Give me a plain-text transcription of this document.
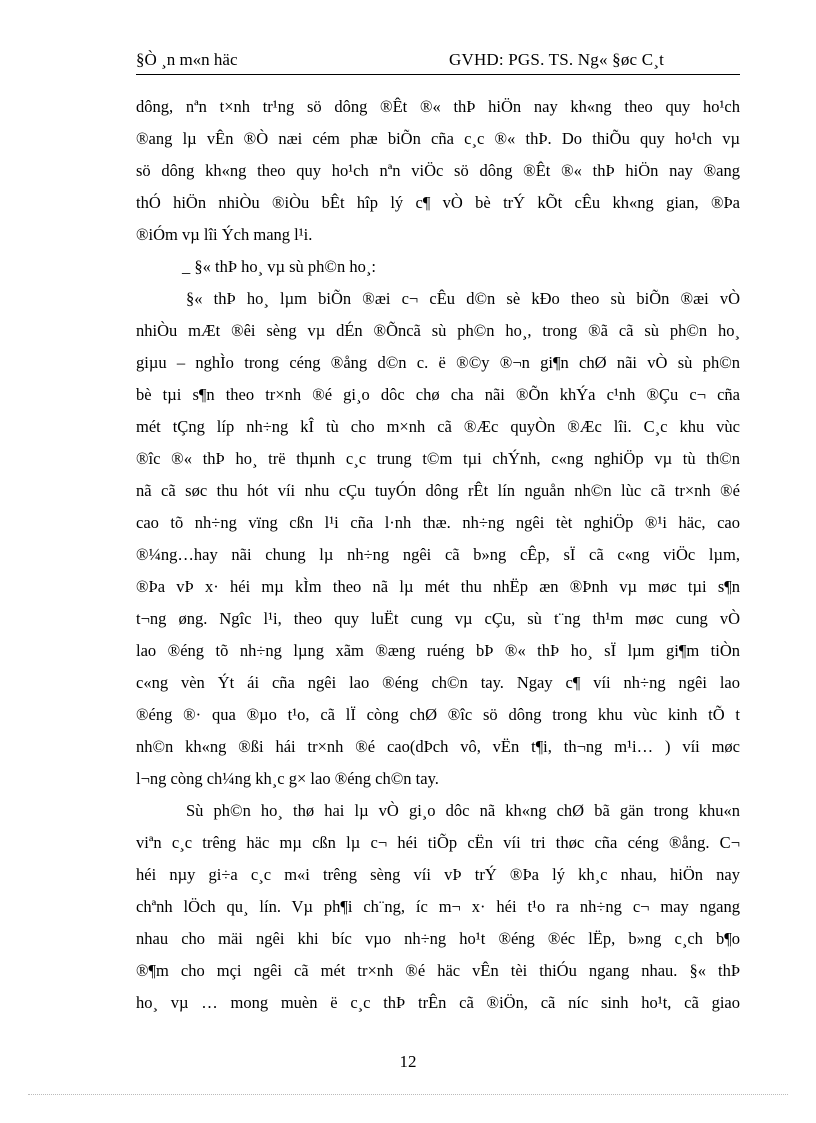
§Ò ¸n m«n häc	GVHD: PGS. TS. Ng« §øc C¸t
dông, nªn t×nh tr¹ng sö dông ®Êt ®« thÞ hiÖn nay kh«ng theo quy ho¹ch
®ang lµ vÊn ®Ò næi cém phæ biÕn cña c¸c ®« thÞ. Do thiÕu quy ho¹ch vµ
sö dông kh«ng theo quy ho¹ch nªn viÖc sö dông ®Êt ®« thÞ hiÖn nay ®ang
thÓ hiÖn nhiÒu ®iÒu bÊt hîp lý c¶ vÒ bè trÝ kÕt cÊu kh«ng gian, ®Þa
®iÓm vµ lîi Ých mang l¹i.
_ §« thÞ ho¸ vµ sù ph©n ho¸:
§« thÞ ho¸ lµm biÕn ®æi c¬ cÊu d©n sè kÐo theo sù biÕn ®æi vÒ
nhiÒu mÆt ®êi sèng vµ dÉn ®Õncã sù ph©n ho¸, trong ®ã cã sù ph©n ho¸
giµu – nghÌo trong céng ®ång d©n c. ë ®©y ®¬n gi¶n chØ nãi vÒ sù ph©n
bè tµi s¶n theo tr×nh ®é gi¸o dôc chø cha nãi ®Õn khÝa c¹nh ®Çu c¬ cña
mét tÇng líp nh÷ng kÎ tù cho m×nh cã ®Æc quyÒn ®Æc lîi. C¸c khu vùc
®îc ®« thÞ ho¸ trë thµnh c¸c trung t©m tµi chÝnh, c«ng nghiÖp vµ tù th©n
nã cã søc thu hót víi nhu cÇu tuyÓn dông rÊt lín nguån nh©n lùc cã tr×nh ®é
cao tõ nh÷ng vïng cßn l¹i cña l·nh thæ. nh÷ng ngêi tèt nghiÖp ®¹i häc, cao
®¼ng…hay nãi chung lµ nh÷ng ngêi cã b»ng cÊp, sÏ cã c«ng viÖc lµm,
®Þa vÞ x· héi mµ kÌm theo nã lµ mét thu nhËp æn ®Þnh vµ møc tµi s¶n
t¬ng øng. Ngîc l¹i, theo quy luËt cung vµ cÇu, sù t¨ng th¹m møc cung vÒ
lao ®éng tõ nh÷ng lµng xãm ®æng ruéng bÞ ®« thÞ ho¸ sÏ lµm gi¶m tiÒn
c«ng vèn Ýt ái cña ngêi lao ®éng ch©n tay. Ngay c¶ víi nh÷ng ngêi lao
®éng ®· qua ®µo t¹o, cã lÏ còng chØ ®îc sö dông trong khu vùc kinh tÕ t
nh©n kh«ng ®ßi hái tr×nh ®é cao(dÞch vô, vËn t¶i, th¬ng m¹i… ) víi møc
l¬ng còng ch¼ng kh¸c g× lao ®éng ch©n tay.
Sù ph©n ho¸ thø hai lµ vÒ gi¸o dôc nã kh«ng chØ bã gän trong khu«n
viªn c¸c trêng häc mµ cßn lµ c¬ héi tiÕp cËn víi tri thøc cña céng ®ång. C¬
héi nµy gi÷a c¸c m«i trêng sèng víi vÞ trÝ ®Þa lý kh¸c nhau, hiÖn nay
chªnh lÖch qu¸ lín. Vµ ph¶i ch¨ng, íc m¬ x· héi t¹o ra nh÷ng c¬ may ngang
nhau cho mäi ngêi khi bíc vµo nh÷ng ho¹t ®éng ®éc lËp, b»ng c¸ch b¶o
®¶m cho mçi ngêi cã mét tr×nh ®é häc vÊn tèi thiÓu ngang nhau. §« thÞ
ho¸ vµ … mong muèn ë c¸c thÞ trÊn cã ®iÖn, cã níc sinh ho¹t, cã giao
12
